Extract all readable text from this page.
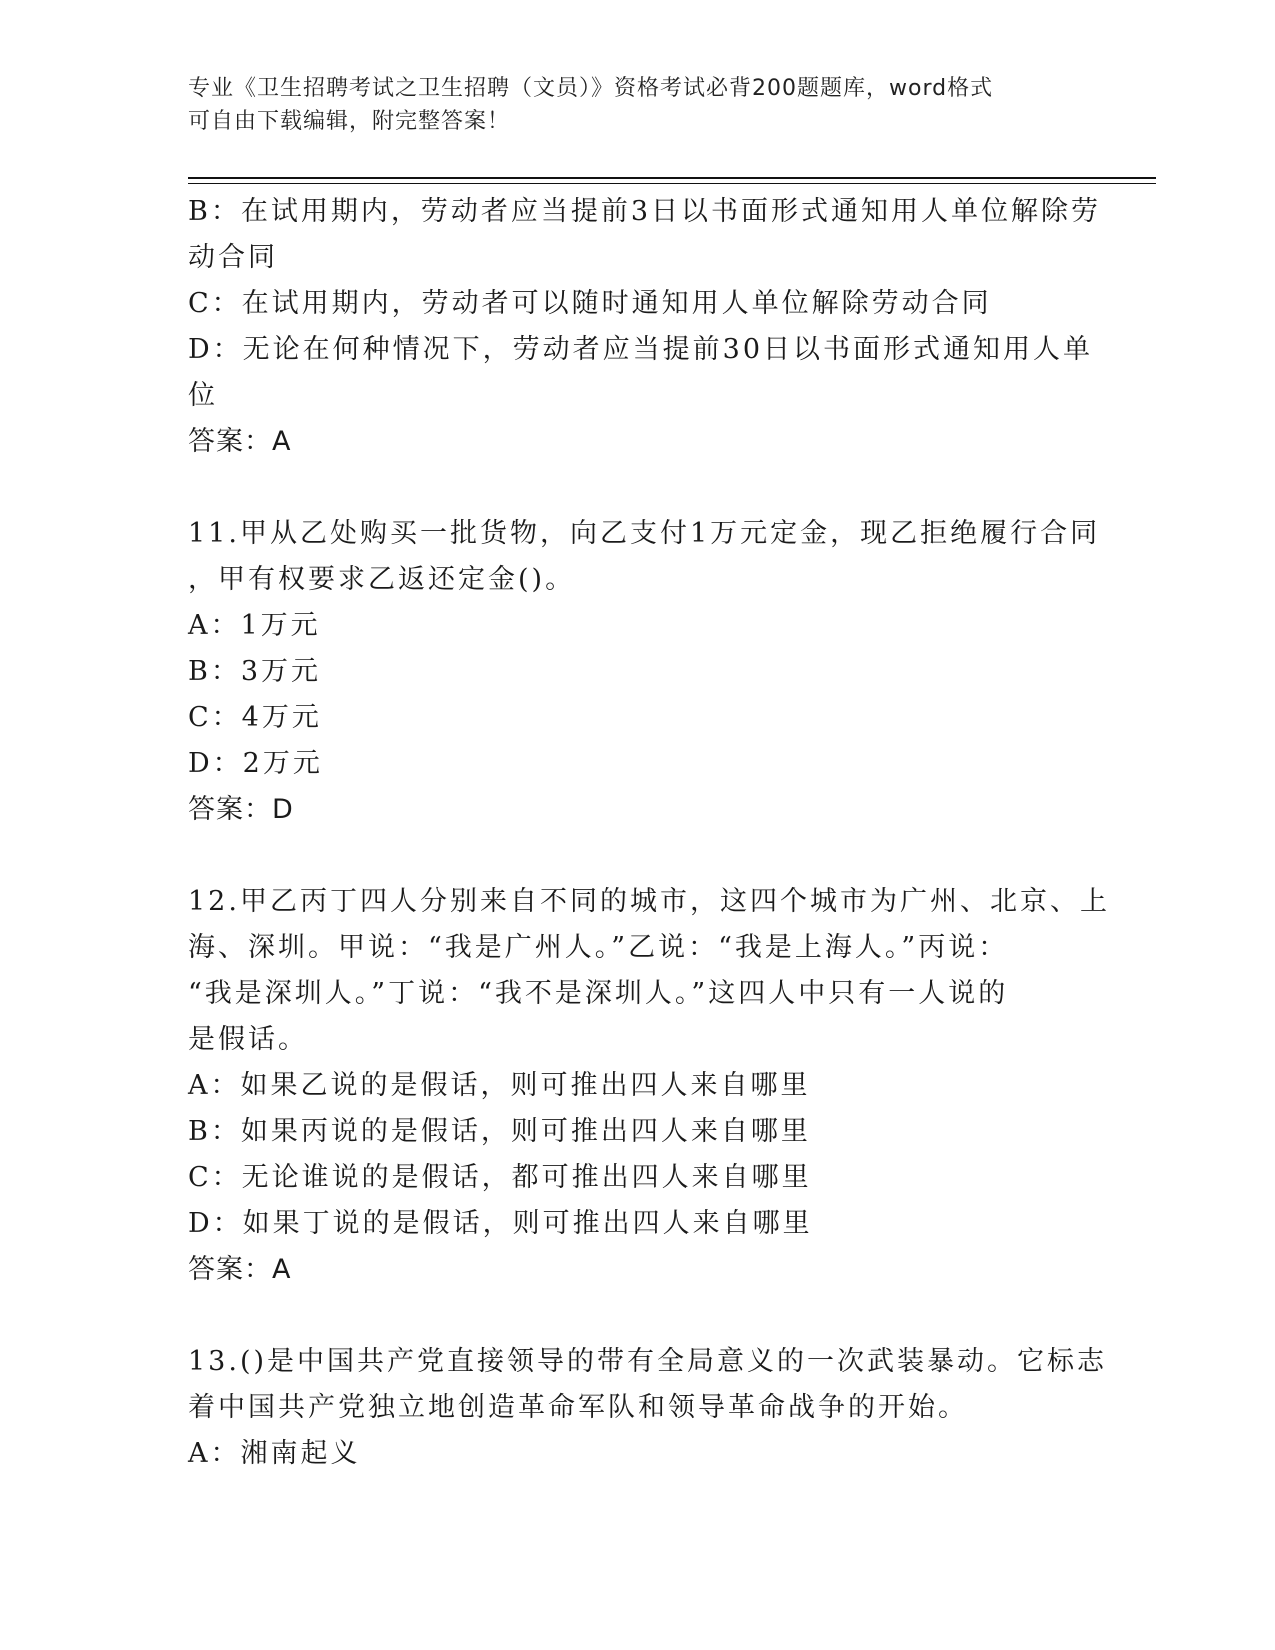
专业《卫生招聘考试之卫生招聘（文员）》资格考试必背200题题库，word格式
可自由下载编辑，附完整答案！
B：在试用期内，劳动者应当提前3日以书面形式通知用人单位解除劳
动合同
C：在试用期内，劳动者可以随时通知用人单位解除劳动合同
D：无论在何种情况下，劳动者应当提前30日以书面形式通知用人单
位
答案：A
11.甲从乙处购买一批货物，向乙支付1万元定金，现乙拒绝履行合同
，甲有权要求乙返还定金()。
A：1万元
B：3万元
C：4万元
D：2万元
答案：D
12.甲乙丙丁四人分别来自不同的城市，这四个城市为广州、北京、上
海、深圳。甲说：“我是广州人。”乙说：“我是上海人。”丙说：
“我是深圳人。”丁说：“我不是深圳人。”这四人中只有一人说的
是假话。
A：如果乙说的是假话，则可推出四人来自哪里
B：如果丙说的是假话，则可推出四人来自哪里
C：无论谁说的是假话，都可推出四人来自哪里
D：如果丁说的是假话，则可推出四人来自哪里
答案：A
13.()是中国共产党直接领导的带有全局意义的一次武装暴动。它标志
着中国共产党独立地创造革命军队和领导革命战争的开始。
A：湘南起义
